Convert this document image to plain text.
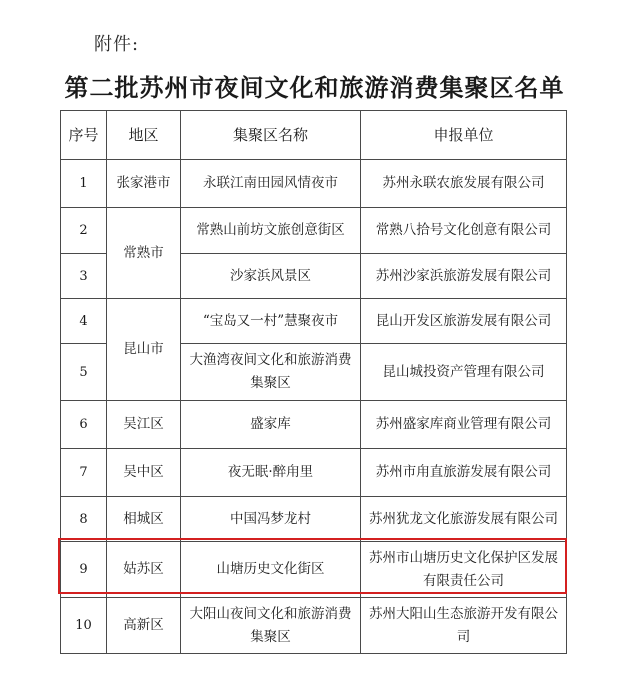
附件:
第二批苏州市夜间文化和旅游消费集聚区名单
序号	地区	集聚区名称	申报单位
1	张家港市	永联江南田园风情夜市	苏州永联农旅发展有限公司
2	常熟市	常熟山前坊文旅创意街区	常熟八拾号文化创意有限公司
3		沙家浜风景区	苏州沙家浜旅游发展有限公司
4	昆山市	“宝岛又一村”慧聚夜市	昆山开发区旅游发展有限公司
5		大渔湾夜间文化和旅游消费集聚区	昆山城投资产管理有限公司
6	吴江区	盛家库	苏州盛家库商业管理有限公司
7	吴中区	夜无眠·醉甪里	苏州市甪直旅游发展有限公司
8	相城区	中国冯梦龙村	苏州犹龙文化旅游发展有限公司
9	姑苏区	山塘历史文化街区	苏州市山塘历史文化保护区发展有限责任公司
10	高新区	大阳山夜间文化和旅游消费集聚区	苏州大阳山生态旅游开发有限公司
